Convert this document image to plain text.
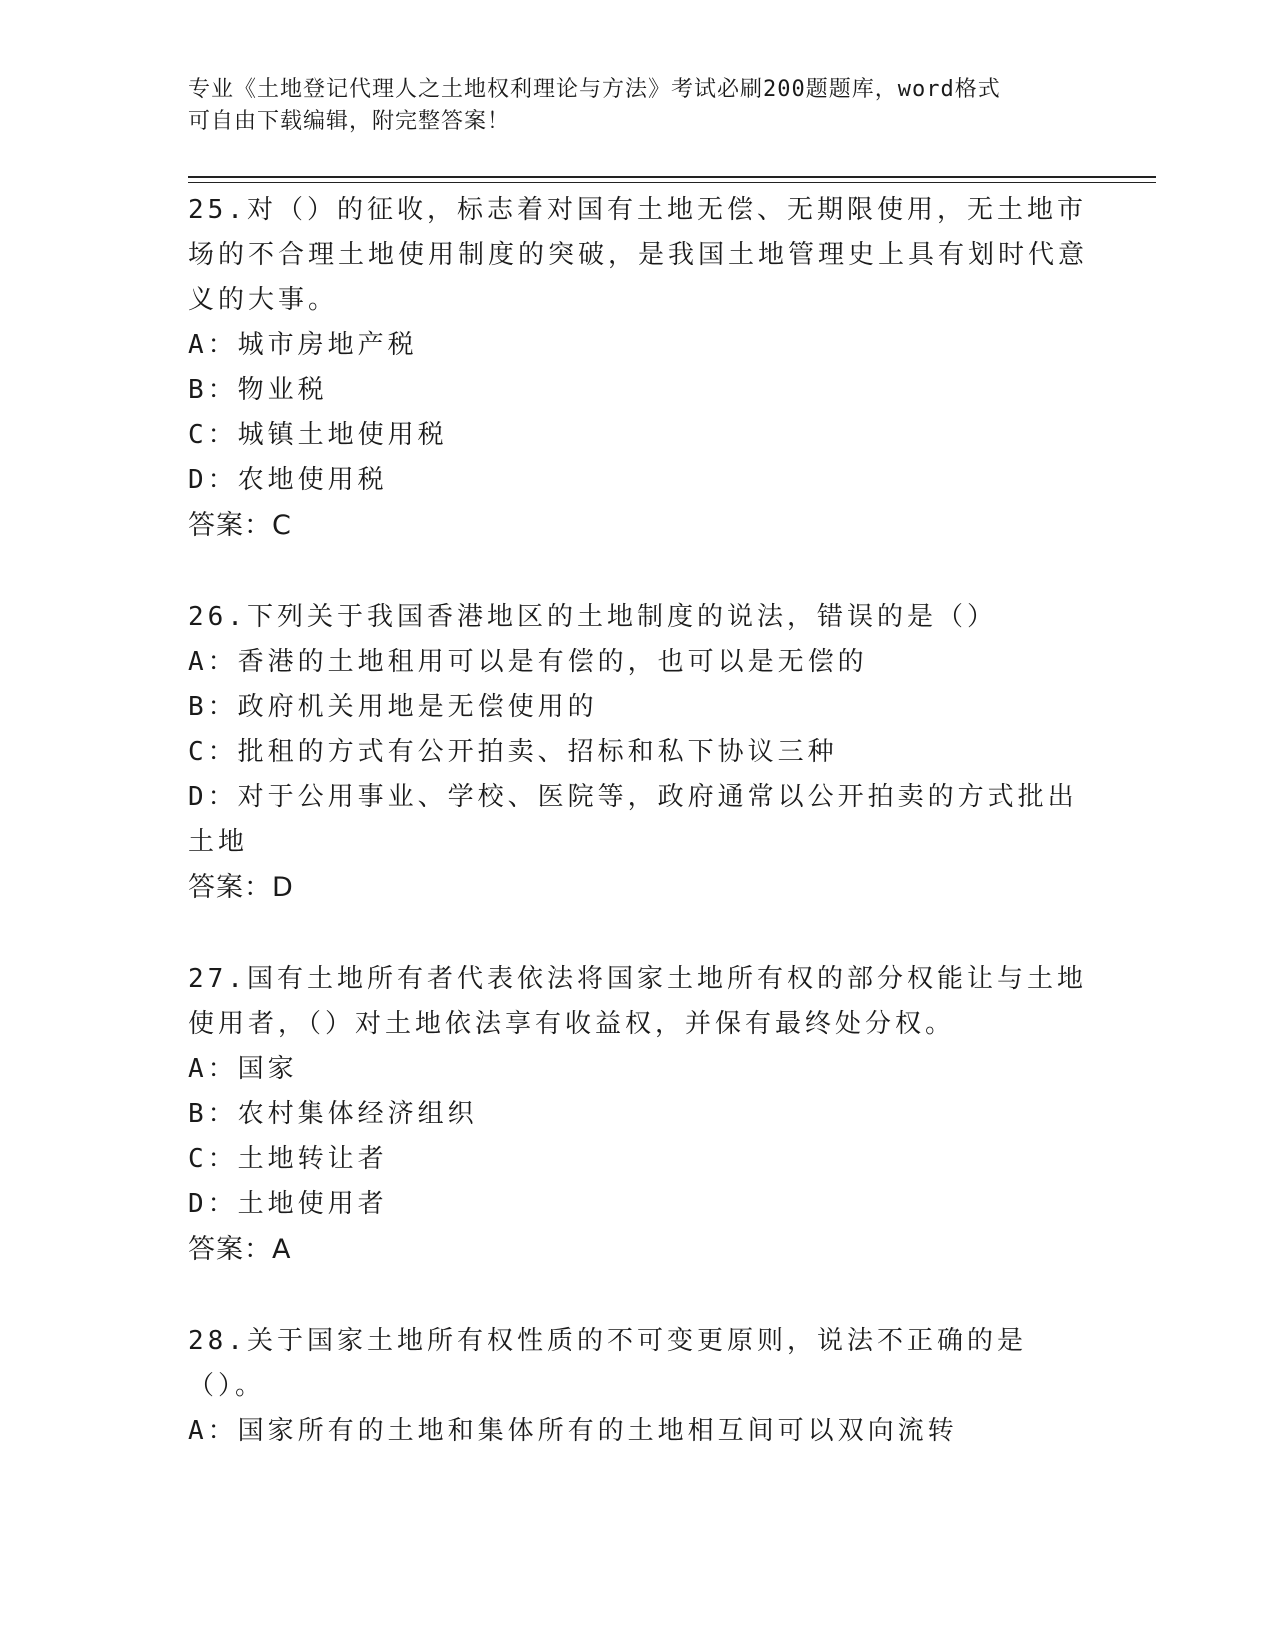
专业《土地登记代理人之土地权利理论与方法》考试必刷200题题库，word格式
可自由下载编辑，附完整答案！

25.对（）的征收，标志着对国有土地无偿、无期限使用，无土地市场的不合理土地使用制度的突破，是我国土地管理史上具有划时代意义的大事。

A：城市房地产税

B：物业税

C：城镇土地使用税

D：农地使用税

答案：C

26.下列关于我国香港地区的土地制度的说法，错误的是（）

A：香港的土地租用可以是有偿的，也可以是无偿的

B：政府机关用地是无偿使用的

C：批租的方式有公开拍卖、招标和私下协议三种

D：对于公用事业、学校、医院等，政府通常以公开拍卖的方式批出土地

答案：D

27.国有土地所有者代表依法将国家土地所有权的部分权能让与土地使用者，（）对土地依法享有收益权，并保有最终处分权。

A：国家

B：农村集体经济组织

C：土地转让者

D：土地使用者

答案：A

28.关于国家土地所有权性质的不可变更原则，说法不正确的是（）。

A：国家所有的土地和集体所有的土地相互间可以双向流转
